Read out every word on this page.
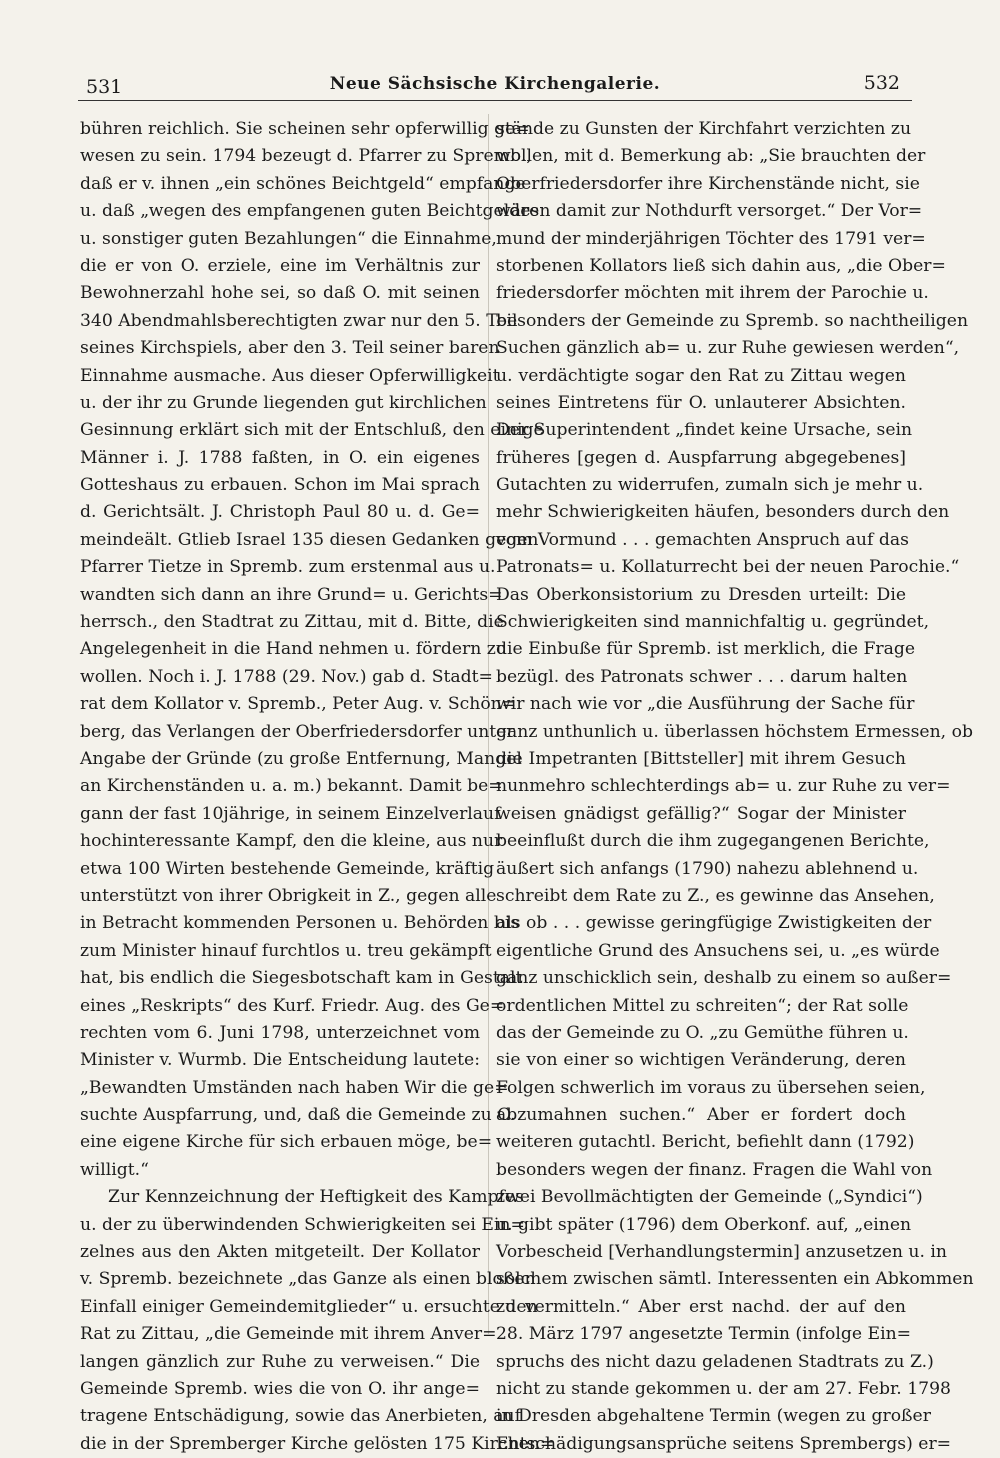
531	Neue Sächsische Kirchengalerie.	532
bühren reichlich. Sie scheinen sehr opferwillig ge=
wesen zu sein. 1794 bezeugt d. Pfarrer zu Spremb.,
daß er v. ihnen „ein schönes Beichtgeld“ empfange
u. daß „wegen des empfangenen guten Beichtgeldes
u. sonstiger guten Bezahlungen“ die Einnahme,
die er von O. erziele, eine im Verhältnis zur
Bewohnerzahl hohe sei, so daß O. mit seinen
340 Abendmahlsberechtigten zwar nur den 5. Teil
seines Kirchspiels, aber den 3. Teil seiner baren
Einnahme ausmache. Aus dieser Opferwilligkeit
u. der ihr zu Grunde liegenden gut kirchlichen
Gesinnung erklärt sich mit der Entschluß, den einige
Männer i. J. 1788 faßten, in O. ein eigenes
Gotteshaus zu erbauen. Schon im Mai sprach
d. Gerichtsält. J. Christoph Paul 80 u. d. Ge=
meindeält. Gtlieb Israel 135 diesen Gedanken gegen
Pfarrer Tietze in Spremb. zum erstenmal aus u.
wandten sich dann an ihre Grund= u. Gerichts=
herrsch., den Stadtrat zu Zittau, mit d. Bitte, die
Angelegenheit in die Hand nehmen u. fördern zu
wollen. Noch i. J. 1788 (29. Nov.) gab d. Stadt=
rat dem Kollator v. Spremb., Peter Aug. v. Schön=
berg, das Verlangen der Oberfriedersdorfer unter
Angabe der Gründe (zu große Entfernung, Mangel
an Kirchenständen u. a. m.) bekannt. Damit be=
gann der fast 10jährige, in seinem Einzelverlauf
hochinteressante Kampf, den die kleine, aus nur
etwa 100 Wirten bestehende Gemeinde, kräftig
unterstützt von ihrer Obrigkeit in Z., gegen alle
in Betracht kommenden Personen u. Behörden bis
zum Minister hinauf furchtlos u. treu gekämpft
hat, bis endlich die Siegesbotschaft kam in Gestalt
eines „Reskripts“ des Kurf. Friedr. Aug. des Ge=
rechten vom 6. Juni 1798, unterzeichnet vom
Minister v. Wurmb. Die Entscheidung lautete:
„Bewandten Umständen nach haben Wir die ge=
suchte Auspfarrung, und, daß die Gemeinde zu O.
eine eigene Kirche für sich erbauen möge, be=
willigt.“
Zur Kennzeichnung der Heftigkeit des Kampfes
u. der zu überwindenden Schwierigkeiten sei Ein=
zelnes aus den Akten mitgeteilt. Der Kollator
v. Spremb. bezeichnete „das Ganze als einen bloßen
Einfall einiger Gemeindemitglieder“ u. ersuchte den
Rat zu Zittau, „die Gemeinde mit ihrem Anver=
langen gänzlich zur Ruhe zu verweisen.“ Die
Gemeinde Spremb. wies die von O. ihr ange=
tragene Entschädigung, sowie das Anerbieten, auf
die in der Spremberger Kirche gelösten 175 Kirchen=
stände zu Gunsten der Kirchfahrt verzichten zu
wollen, mit d. Bemerkung ab: „Sie brauchten der
Oberfriedersdorfer ihre Kirchenstände nicht, sie
wären damit zur Nothdurft versorget.“ Der Vor=
mund der minderjährigen Töchter des 1791 ver=
storbenen Kollators ließ sich dahin aus, „die Ober=
friedersdorfer möchten mit ihrem der Parochie u.
besonders der Gemeinde zu Spremb. so nachtheiligen
Suchen gänzlich ab= u. zur Ruhe gewiesen werden“,
u. verdächtigte sogar den Rat zu Zittau wegen
seines Eintretens für O. unlauterer Absichten.
Der Superintendent „findet keine Ursache, sein
früheres [gegen d. Auspfarrung abgegebenes]
Gutachten zu widerrufen, zumaln sich je mehr u.
mehr Schwierigkeiten häufen, besonders durch den
vom Vormund . . . gemachten Anspruch auf das
Patronats= u. Kollaturrecht bei der neuen Parochie.“
Das Oberkonsistorium zu Dresden urteilt: Die
Schwierigkeiten sind mannichfaltig u. gegründet,
die Einbuße für Spremb. ist merklich, die Frage
bezügl. des Patronats schwer . . . darum halten
wir nach wie vor „die Ausführung der Sache für
ganz unthunlich u. überlassen höchstem Ermessen, ob
die Impetranten [Bittsteller] mit ihrem Gesuch
nunmehro schlechterdings ab= u. zur Ruhe zu ver=
weisen gnädigst gefällig?“ Sogar der Minister
beeinflußt durch die ihm zugegangenen Berichte,
äußert sich anfangs (1790) nahezu ablehnend u.
schreibt dem Rate zu Z., es gewinne das Ansehen,
als ob . . . gewisse geringfügige Zwistigkeiten der
eigentliche Grund des Ansuchens sei, u. „es würde
ganz unschicklich sein, deshalb zu einem so außer=
ordentlichen Mittel zu schreiten“; der Rat solle
das der Gemeinde zu O. „zu Gemüthe führen u.
sie von einer so wichtigen Veränderung, deren
Folgen schwerlich im voraus zu übersehen seien,
abzumahnen suchen.“ Aber er fordert doch
weiteren gutachtl. Bericht, befiehlt dann (1792)
besonders wegen der finanz. Fragen die Wahl von
zwei Bevollmächtigten der Gemeinde („Syndici“)
u. gibt später (1796) dem Oberkonf. auf, „einen
Vorbescheid [Verhandlungstermin] anzusetzen u. in
solchem zwischen sämtl. Interessenten ein Abkommen
zu vermitteln.“ Aber erst nachd. der auf den
28. März 1797 angesetzte Termin (infolge Ein=
spruchs des nicht dazu geladenen Stadtrats zu Z.)
nicht zu stande gekommen u. der am 27. Febr. 1798
in Dresden abgehaltene Termin (wegen zu großer
Entschädigungsansprüche seitens Sprembergs) er=
